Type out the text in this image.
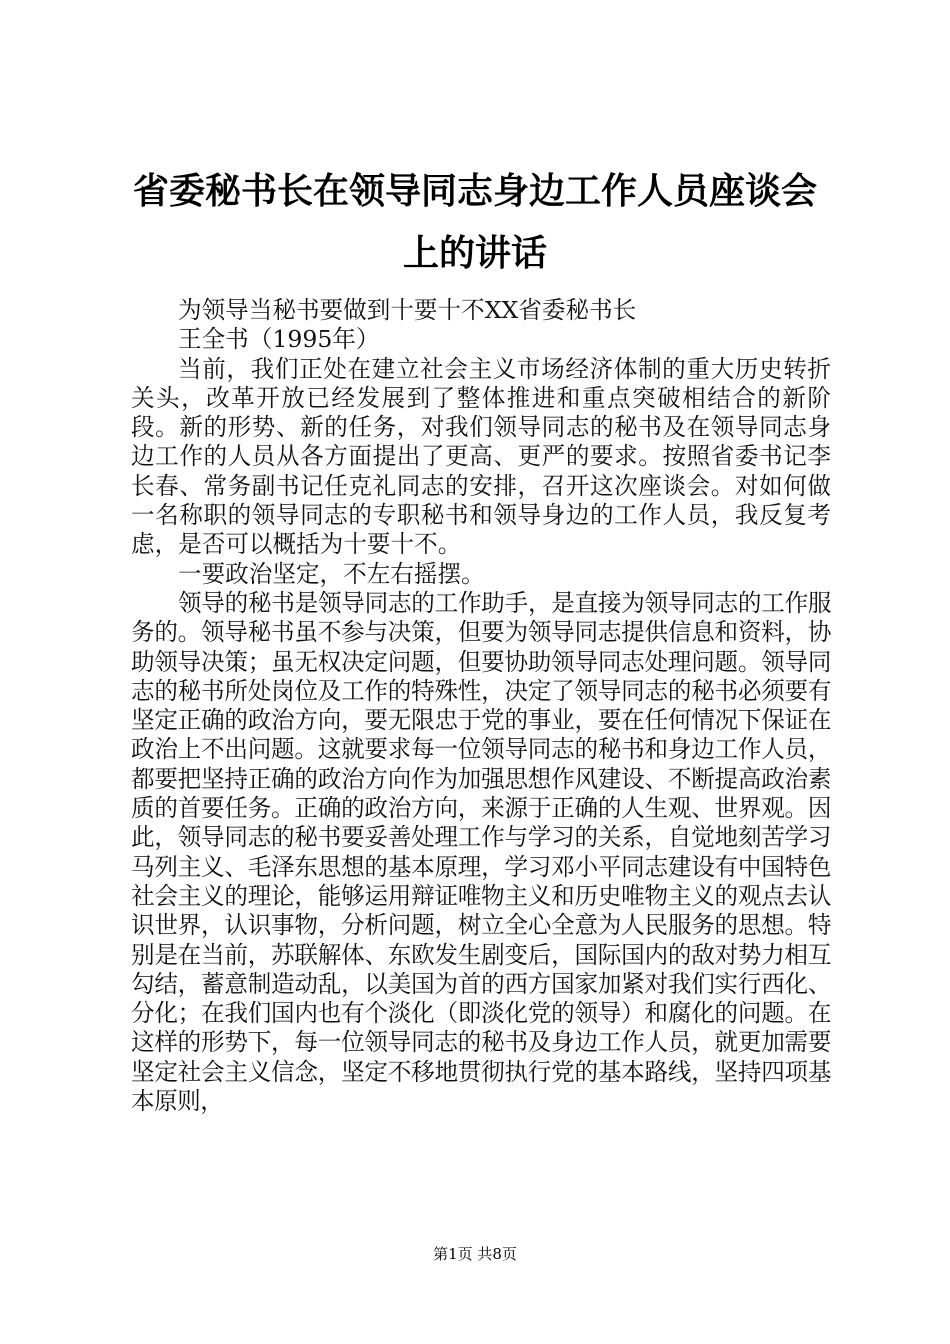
省委秘书长在领导同志身边工作人员座谈会上的讲话

为领导当秘书要做到十要十不XX省委秘书长

王全书（1995年）

当前，我们正处在建立社会主义市场经济体制的重大历史转折关头，改革开放已经发展到了整体推进和重点突破相结合的新阶段。新的形势、新的任务，对我们领导同志的秘书及在领导同志身边工作的人员从各方面提出了更高、更严的要求。按照省委书记李长春、常务副书记任克礼同志的安排，召开这次座谈会。对如何做一名称职的领导同志的专职秘书和领导身边的工作人员，我反复考虑，是否可以概括为十要十不。

一要政治坚定，不左右摇摆。

领导的秘书是领导同志的工作助手，是直接为领导同志的工作服务的。领导秘书虽不参与决策，但要为领导同志提供信息和资料，协助领导决策；虽无权决定问题，但要协助领导同志处理问题。领导同志的秘书所处岗位及工作的特殊性，决定了领导同志的秘书必须要有坚定正确的政治方向，要无限忠于党的事业，要在任何情况下保证在政治上不出问题。这就要求每一位领导同志的秘书和身边工作人员，都要把坚持正确的政治方向作为加强思想作风建设、不断提高政治素质的首要任务。正确的政治方向，来源于正确的人生观、世界观。因此，领导同志的秘书要妥善处理工作与学习的关系，自觉地刻苦学习马列主义、毛泽东思想的基本原理，学习邓小平同志建设有中国特色社会主义的理论，能够运用辩证唯物主义和历史唯物主义的观点去认识世界，认识事物，分析问题，树立全心全意为人民服务的思想。特别是在当前，苏联解体、东欧发生剧变后，国际国内的敌对势力相互勾结，蓄意制造动乱，以美国为首的西方国家加紧对我们实行西化、分化；在我们国内也有个淡化（即淡化党的领导）和腐化的问题。在这样的形势下，每一位领导同志的秘书及身边工作人员，就更加需要坚定社会主义信念，坚定不移地贯彻执行党的基本路线，坚持四项基本原则，

第1页 共8页
